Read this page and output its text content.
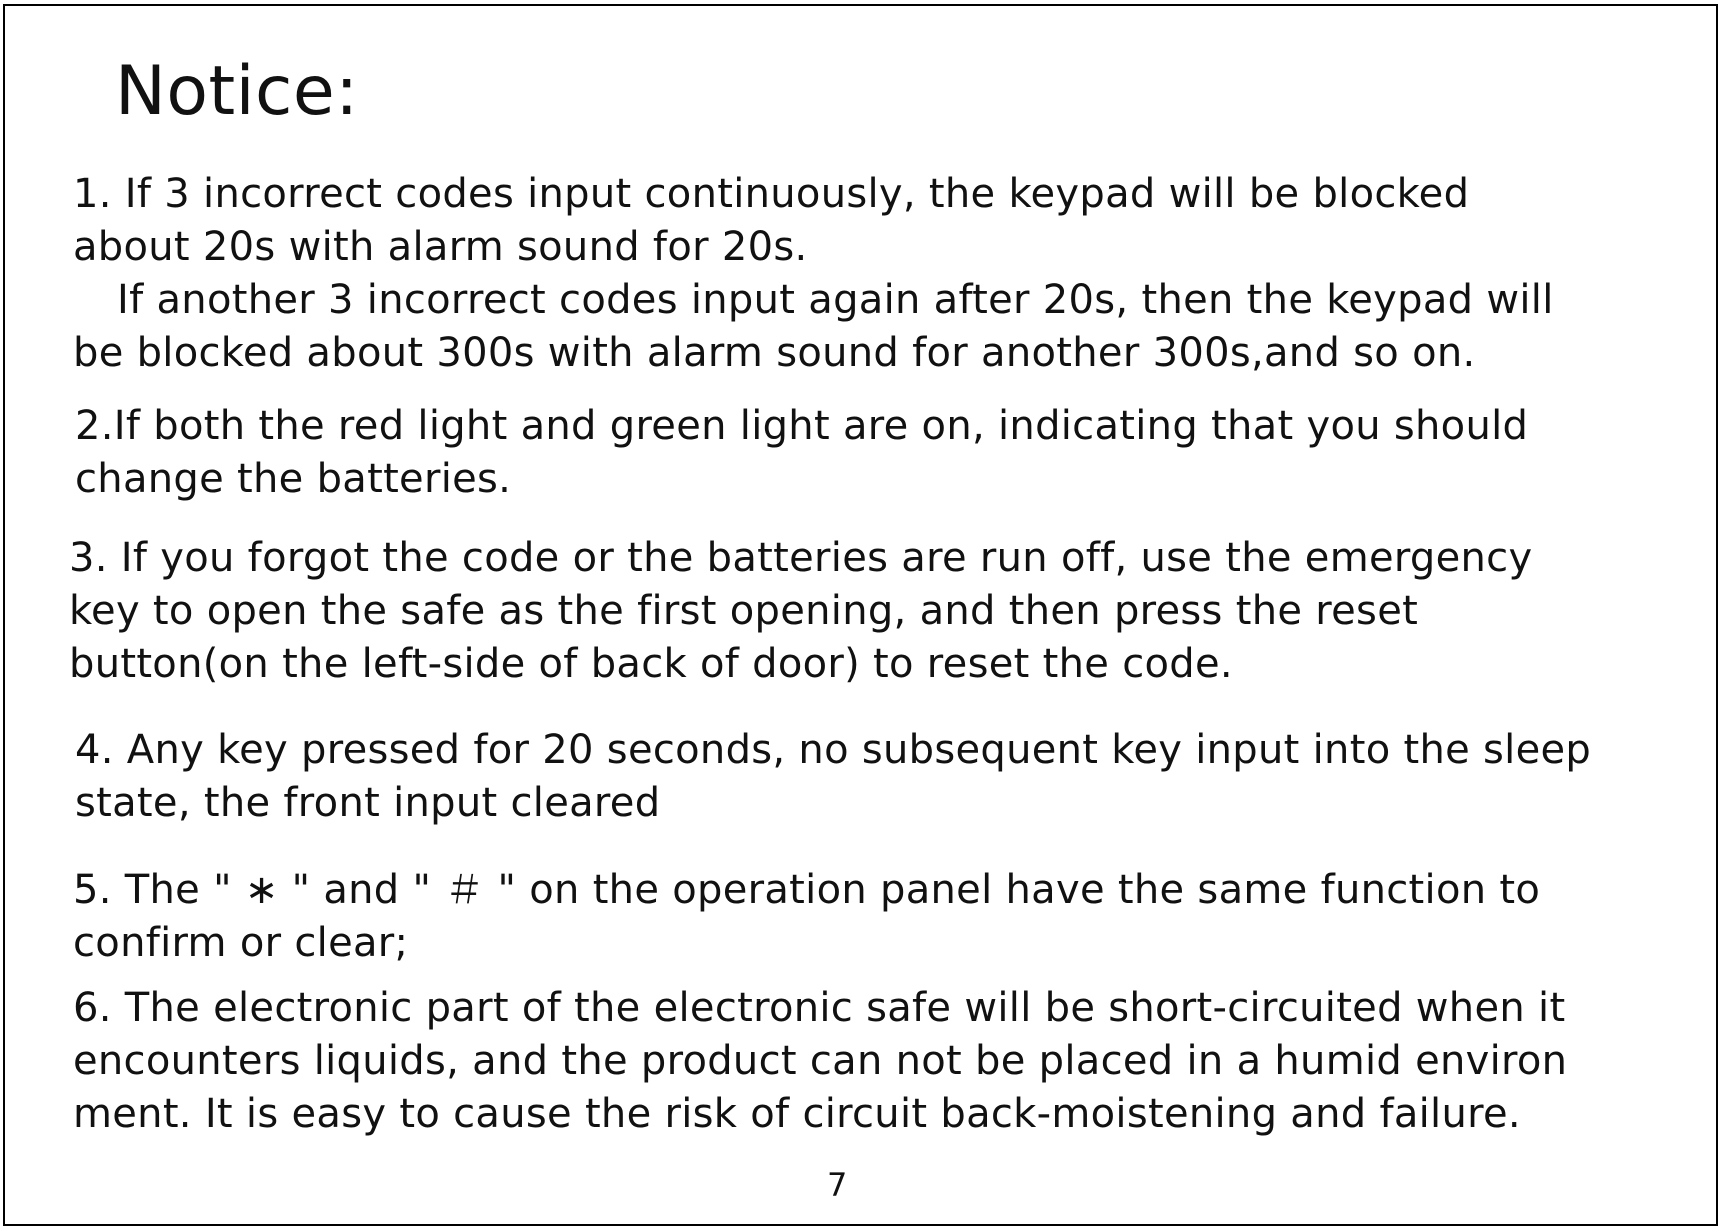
Notice:

1. If 3 incorrect codes input continuously, the keypad will be blocked
about 20s with alarm sound for 20s.
If another 3 incorrect codes input again after 20s, then the keypad will
be blocked about 300s with alarm sound for another 300s,and so on.

2.If both the red light and green light are on, indicating that you should
change the batteries.

3. If you forgot the code or the batteries are run off, use the emergency
key to open the safe as the first opening, and then press the reset
button(on the left-side of back of door) to reset the code.

4. Any key pressed for 20 seconds, no subsequent key input into the sleep
state, the front input cleared

5. The " ∗ " and " ＃ " on the operation panel have the same function to
confirm or clear;

6. The electronic part of the electronic safe will be short-circuited when it
encounters liquids, and the product can not be placed in a humid environ
ment. It is easy to cause the risk of circuit back-moistening and failure.

7
